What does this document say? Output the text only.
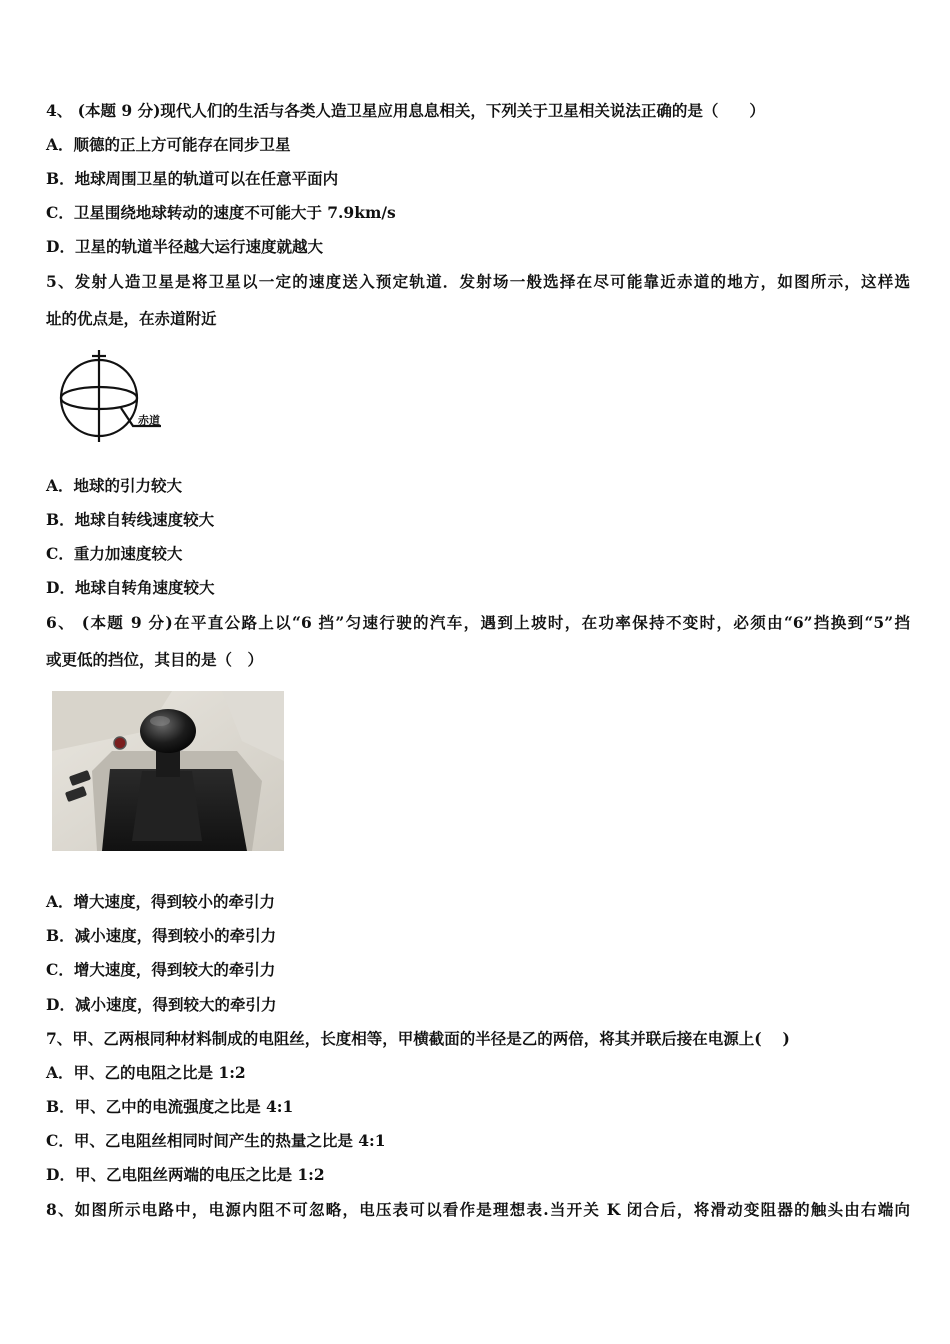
4、 (本题 9 分)现代人们的生活与各类人造卫星应用息息相关，下列关于卫星相关说法正确的是（　　）
A．顺德的正上方可能存在同步卫星
B．地球周围卫星的轨道可以在任意平面内
C．卫星围绕地球转动的速度不可能大于 7.9km/s
D．卫星的轨道半径越大运行速度就越大
5、发射人造卫星是将卫星以一定的速度送入预定轨道．发射场一般选择在尽可能靠近赤道的地方，如图所示，这样选
址的优点是，在赤道附近
赤道
A．地球的引力较大
B．地球自转线速度较大
C．重力加速度较大
D．地球自转角速度较大
6、 (本题 9 分)在平直公路上以“6 挡”匀速行驶的汽车，遇到上坡时，在功率保持不变时，必须由“6”挡换到“5”挡
或更低的挡位，其目的是（　）
A．增大速度，得到较小的牵引力
B．减小速度，得到较小的牵引力
C．增大速度，得到较大的牵引力
D．减小速度，得到较大的牵引力
7、甲、乙两根同种材料制成的电阻丝，长度相等，甲横截面的半径是乙的两倍，将其并联后接在电源上(　 )
A．甲、乙的电阻之比是 1:2
B．甲、乙中的电流强度之比是 4:1
C．甲、乙电阻丝相同时间产生的热量之比是 4:1
D．甲、乙电阻丝两端的电压之比是 1:2
8、如图所示电路中，电源内阻不可忽略，电压表可以看作是理想表.当开关 K 闭合后，将滑动变阻器的触头由右端向
